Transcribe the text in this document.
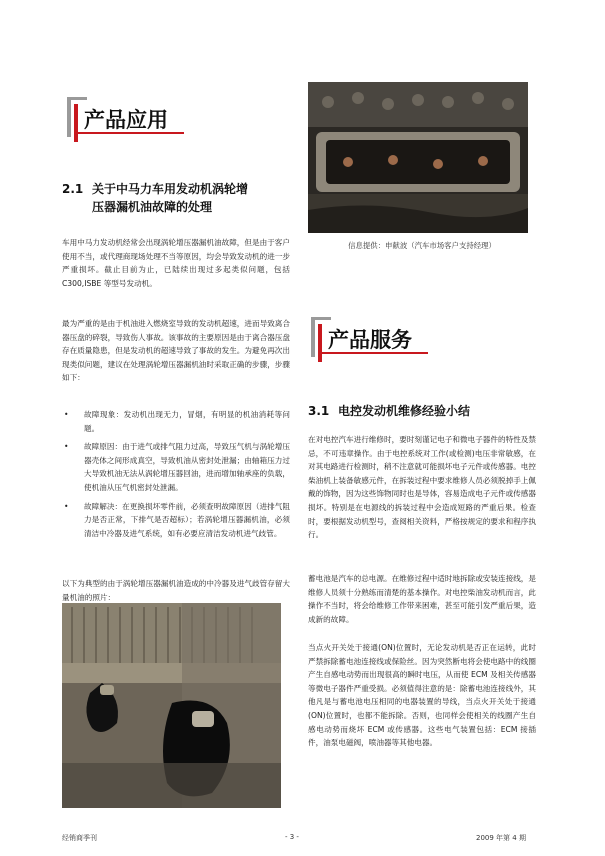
产品应用
2.1 关于中马力车用发动机涡轮增
压器漏机油故障的处理

车用中马力发动机经常会出现涡轮增压器漏机油故障，但是由于客户使用不当，或代理商现场处理不当等原因，均会导致发动机的进一步严重损坏。截止目前为止，已陆续出现过多起类似问题，包括 C300,ISBE 等型号发动机。

最为严重的是由于机油进入燃烧室导致的发动机超速，进而导致离合器压盘的碎裂，导致伤人事故。该事故的主要原因是由于离合器压盘存在质量隐患，但是发动机的超速导致了事故的发生。为避免再次出现类似问题，建议在处理涡轮增压器漏机油时采取正确的步骤，步骤如下：

• 故障现象：发动机出现无力，冒烟，有明显的机油消耗等问题。
• 故障原因：由于进气或排气阻力过高，导致压气机与涡轮增压器壳体之间形成真空，导致机油从密封处泄漏；由轴箱压力过大导致机油无法从涡轮增压器回油，进而增加轴承座的负载，使机油从压气机密封处泄漏。
• 故障解决：在更换损坏零件前，必须查明故障原因（进排气阻力是否正常，下排气是否超标）；若涡轮增压器漏机油，必须清洁中冷器及进气系统，如有必要应清洁发动机进气歧管。

以下为典型的由于涡轮增压器漏机油造成的中冷器及进气歧管存留大量机油的照片：

信息提供：申献波（汽车市场客户支持经理）
产品服务
3.1 电控发动机维修经验小结

在对电控汽车进行维修时，要时刻谨记电子和微电子器件的特性及禁忌，不可违章操作。由于电控系统对工作(或检测)电压非常敏感，在对其电路进行检测时，稍不注意就可能损坏电子元件或传感器。电控柴油机上装备敏感元件，在拆装过程中要求维修人员必须脱掉手上佩戴的饰物，因为这些饰物同时也是导体，容易造成电子元件或传感器损坏。特别是在电源线的拆装过程中会造成短路的严重后果。检查时，要根据发动机型号，查阅相关资料，严格按规定的要求和程序执行。

蓄电池是汽车的总电源。在维修过程中适时地拆除或安装连接线，是维修人员须十分熟练而清楚的基本操作。对电控柴油发动机而言，此操作不当时，将会给维修工作带来困难，甚至可能引发严重后果，造成新的故障。

当点火开关处于接通(ON)位置时，无论发动机是否正在运转，此时严禁拆除蓄电池连接线或保险丝。因为突然断电将会使电路中的线圈产生自感电动势而出现很高的瞬时电压，从而使 ECM 及相关传感器等微电子器件严重受损。必须值得注意的是：除蓄电池连接线外，其他凡是与蓄电池电压相同的电器装置的导线，当点火开关处于接通(ON)位置时，也都不能拆除。否则，也同样会使相关的线圈产生自感电动势而烧坏 ECM 或传感器。这些电气装置包括：ECM 接插件，油泵电磁阀，喷油器等其他电器。

经销商季刊	- 3 -	2009 年第 4 期
